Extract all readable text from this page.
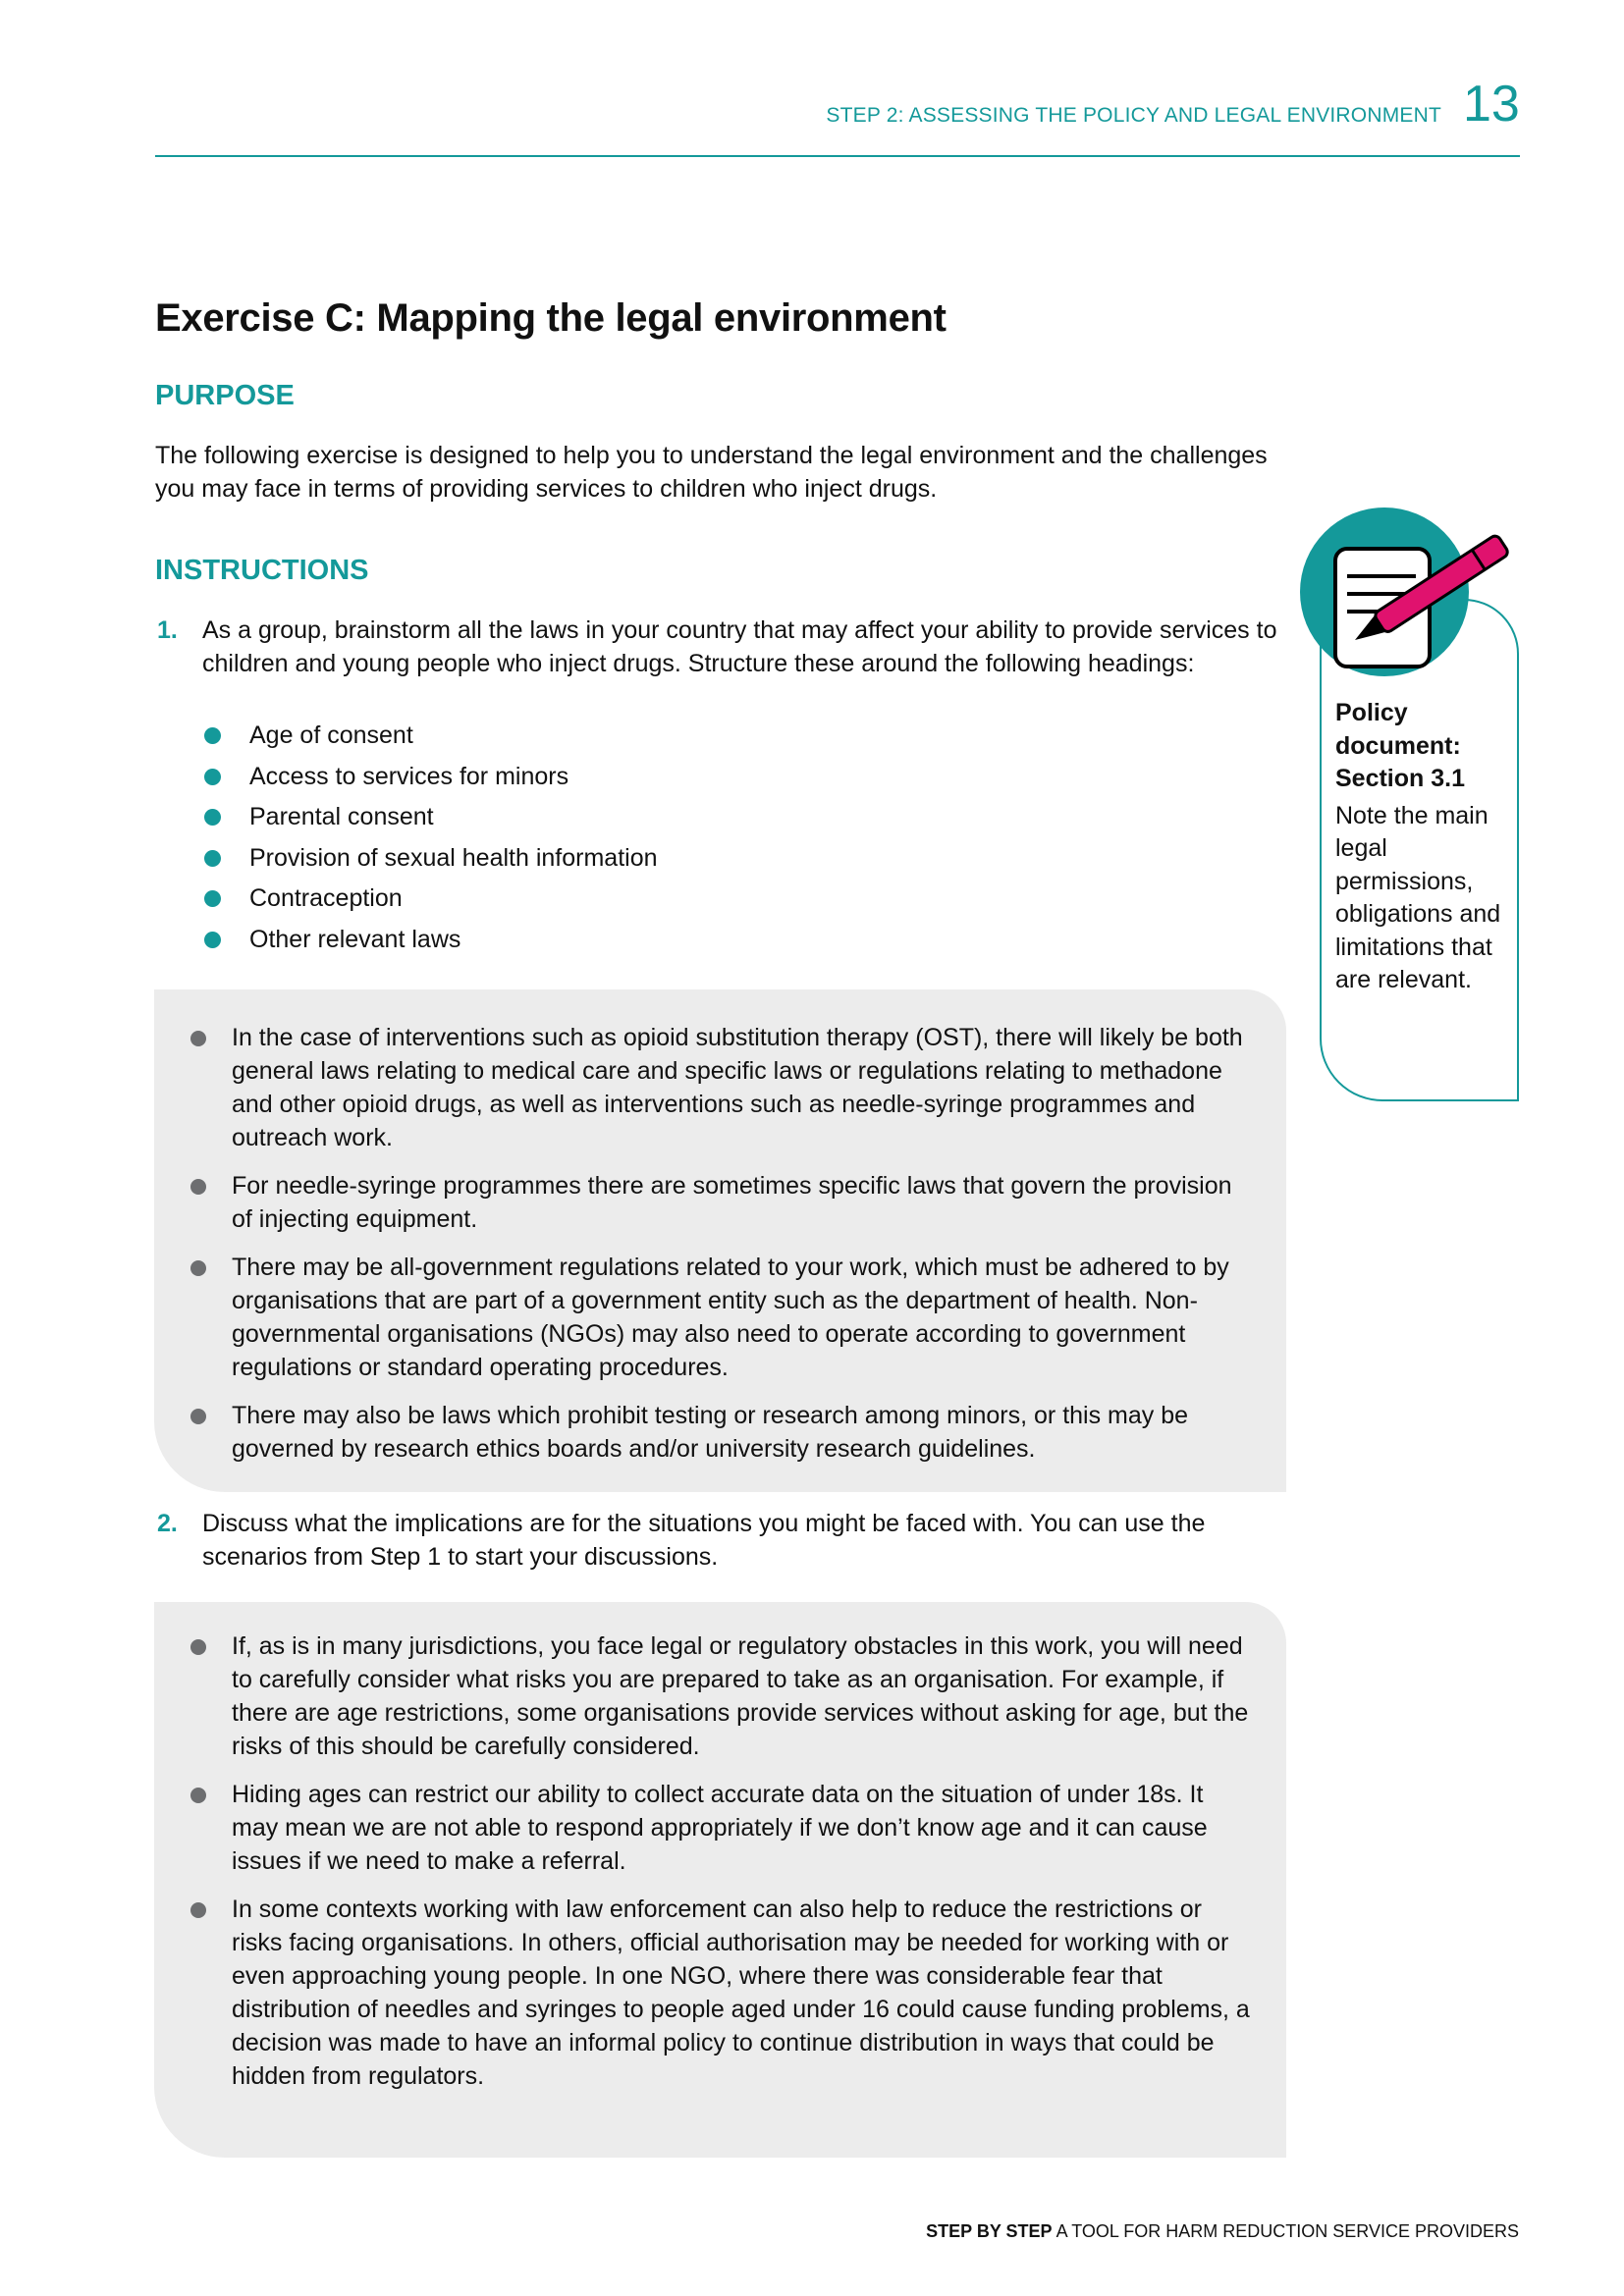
STEP 2: ASSESSING THE POLICY AND LEGAL ENVIRONMENT 13
Exercise C: Mapping the legal environment
PURPOSE
The following exercise is designed to help you to understand the legal environment and the challenges you may face in terms of providing services to children who inject drugs.
INSTRUCTIONS
1. As a group, brainstorm all the laws in your country that may affect your ability to provide services to children and young people who inject drugs. Structure these around the following headings:
Age of consent
Access to services for minors
Parental consent
Provision of sexual health information
Contraception
Other relevant laws
In the case of interventions such as opioid substitution therapy (OST), there will likely be both general laws relating to medical care and specific laws or regulations relating to methadone and other opioid drugs, as well as interventions such as needle-syringe programmes and outreach work.
For needle-syringe programmes there are sometimes specific laws that govern the provision of injecting equipment.
There may be all-government regulations related to your work, which must be adhered to by organisations that are part of a government entity such as the department of health. Non-governmental organisations (NGOs) may also need to operate according to government regulations or standard operating procedures.
There may also be laws which prohibit testing or research among minors, or this may be governed by research ethics boards and/or university research guidelines.
2. Discuss what the implications are for the situations you might be faced with. You can use the scenarios from Step 1 to start your discussions.
If, as is in many jurisdictions, you face legal or regulatory obstacles in this work, you will need to carefully consider what risks you are prepared to take as an organisation. For example, if there are age restrictions, some organisations provide services without asking for age, but the risks of this should be carefully considered.
Hiding ages can restrict our ability to collect accurate data on the situation of under 18s. It may mean we are not able to respond appropriately if we don’t know age and it can cause issues if we need to make a referral.
In some contexts working with law enforcement can also help to reduce the restrictions or risks facing organisations. In others, official authorisation may be needed for working with or even approaching young people. In one NGO, where there was considerable fear that distribution of needles and syringes to people aged under 16 could cause funding problems, a decision was made to have an informal policy to continue distribution in ways that could be hidden from regulators.
Policy
document:
Section 3.1
Note the main legal permissions, obligations and limitations that are relevant.
STEP BY STEP A TOOL FOR HARM REDUCTION SERVICE PROVIDERS
